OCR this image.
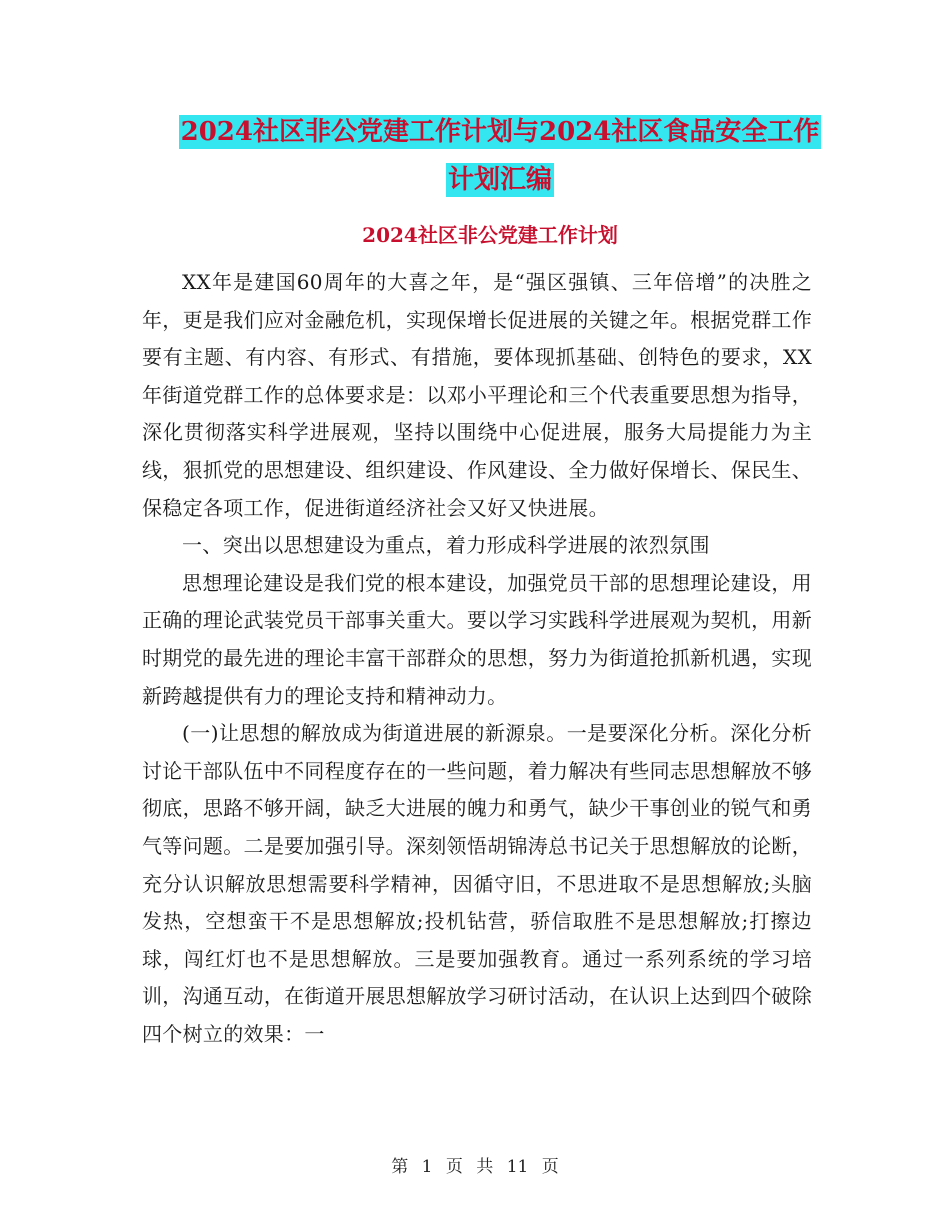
2024社区非公党建工作计划与2024社区食品安全工作
计划汇编
2024社区非公党建工作计划

XX年是建国60周年的大喜之年，是“强区强镇、三年倍增”的决胜之年，更是我们应对金融危机，实现保增长促进展的关键之年。根据党群工作要有主题、有内容、有形式、有措施，要体现抓基础、创特色的要求，XX年街道党群工作的总体要求是：以邓小平理论和三个代表重要思想为指导，深化贯彻落实科学进展观，坚持以围绕中心促进展，服务大局提能力为主线，狠抓党的思想建设、组织建设、作风建设、全力做好保增长、保民生、保稳定各项工作，促进街道经济社会又好又快进展。

一、突出以思想建设为重点，着力形成科学进展的浓烈氛围

思想理论建设是我们党的根本建设，加强党员干部的思想理论建设，用正确的理论武装党员干部事关重大。要以学习实践科学进展观为契机，用新时期党的最先进的理论丰富干部群众的思想，努力为街道抢抓新机遇，实现新跨越提供有力的理论支持和精神动力。

(一)让思想的解放成为街道进展的新源泉。一是要深化分析。深化分析讨论干部队伍中不同程度存在的一些问题，着力解决有些同志思想解放不够彻底，思路不够开阔，缺乏大进展的魄力和勇气，缺少干事创业的锐气和勇气等问题。二是要加强引导。深刻领悟胡锦涛总书记关于思想解放的论断，充分认识解放思想需要科学精神，因循守旧，不思进取不是思想解放;头脑发热，空想蛮干不是思想解放;投机钻营，骄信取胜不是思想解放;打擦边球，闯红灯也不是思想解放。三是要加强教育。通过一系列系统的学习培训，沟通互动，在街道开展思想解放学习研讨活动，在认识上达到四个破除四个树立的效果：一

第 1 页 共 11 页
